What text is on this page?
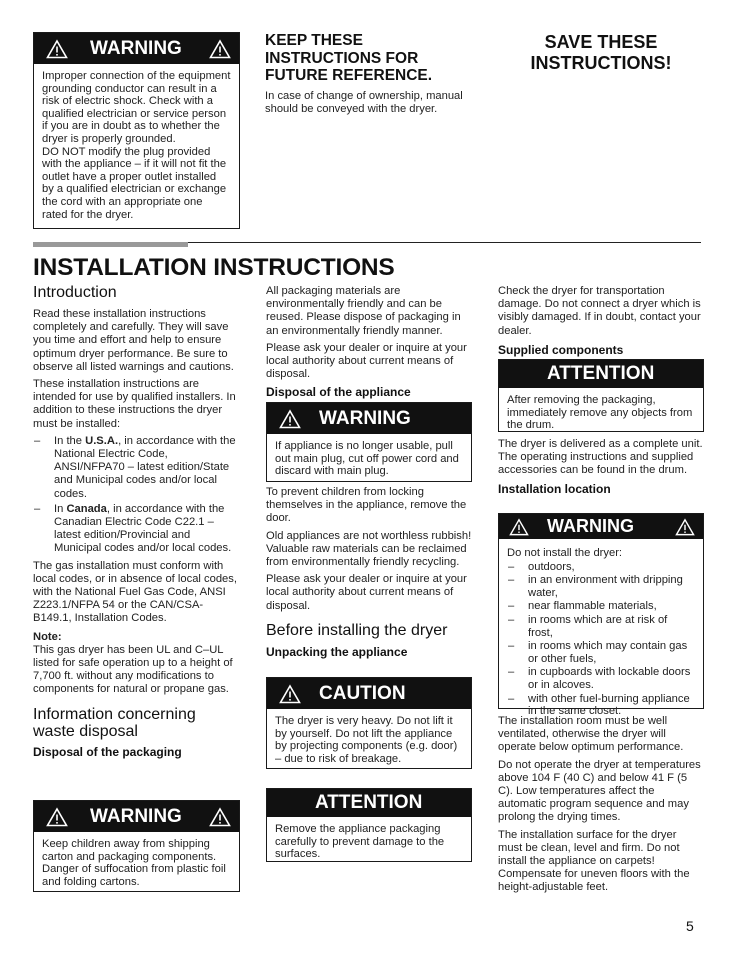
WARNING

Improper connection of the equipment grounding conductor can result in a risk of electric shock. Check with a qualified electrician or service person if you are in doubt as to whether the dryer is properly grounded.

DO NOT modify the plug provided with the appliance – if it will not fit the outlet have a proper outlet installed by a qualified electrician or exchange the cord with an appropriate one rated for the dryer.

KEEP THESE INSTRUCTIONS FOR FUTURE REFERENCE.
In case of change of ownership, manual should be conveyed with the dryer.
SAVE THESE INSTRUCTIONS!
INSTALLATION INSTRUCTIONS
Introduction

Read these installation instructions completely and carefully. They will save you time and effort and help to ensure optimum dryer performance. Be sure to observe all listed warnings and cautions.

These installation instructions are intended for use by qualified installers. In addition to these instructions the dryer must be installed:

– In the U.S.A., in accordance with the National Electric Code, ANSI/NFPA70 – latest edition/State and Municipal codes and/or local codes.
– In Canada, in accordance with the Canadian Electric Code C22.1 – latest edition/Provincial and Municipal codes and/or local codes.

The gas installation must conform with local codes, or in absence of local codes, with the National Fuel Gas Code, ANSI Z223.1/NFPA 54 or the CAN/CSA-B149.1, Installation Codes.

Note:

This gas dryer has been UL and C–UL listed for safe operation up to a height of 7,700 ft. without any modifications to components for natural or propane gas.

Information concerning waste disposal
Disposal of the packaging
WARNING
Keep children away from shipping carton and packaging components. Danger of suffocation from plastic foil and folding cartons.

All packaging materials are environmentally friendly and can be reused. Please dispose of packaging in an environmentally friendly manner.

Please ask your dealer or inquire at your local authority about current means of disposal.

Disposal of the appliance
WARNING
If appliance is no longer usable, pull out main plug, cut off power cord and discard with main plug.

To prevent children from locking themselves in the appliance, remove the door.

Old appliances are not worthless rubbish! Valuable raw materials can be reclaimed from environmentally friendly recycling.

Please ask your dealer or inquire at your local authority about current means of disposal.

Before installing the dryer
Unpacking the appliance
CAUTION
The dryer is very heavy. Do not lift it by yourself. Do not lift the appliance by projecting components (e.g. door) – due to risk of breakage.
ATTENTION
Remove the appliance packaging carefully to prevent damage to the surfaces.

Check the dryer for transportation damage. Do not connect a dryer which is visibly damaged. If in doubt, contact your dealer.

Supplied components
ATTENTION
After removing the packaging, immediately remove any objects from the drum.

The dryer is delivered as a complete unit. The operating instructions and supplied accessories can be found in the drum.

Installation location
WARNING

Do not install the dryer:

– outdoors,
– in an environment with dripping water,
– near flammable materials,
– in rooms which are at risk of frost,
– in rooms which may contain gas or other fuels,
– in cupboards with lockable doors or in alcoves.
– with other fuel-burning appliance in the same closet.

The installation room must be well ventilated, otherwise the dryer will operate below optimum performance.

Do not operate the dryer at temperatures above 104 F (40 C) and below 41 F (5 C). Low temperatures affect the automatic program sequence and may prolong the drying times.

The installation surface for the dryer must be clean, level and firm. Do not install the appliance on carpets! Compensate for uneven floors with the height-adjustable feet.

5
